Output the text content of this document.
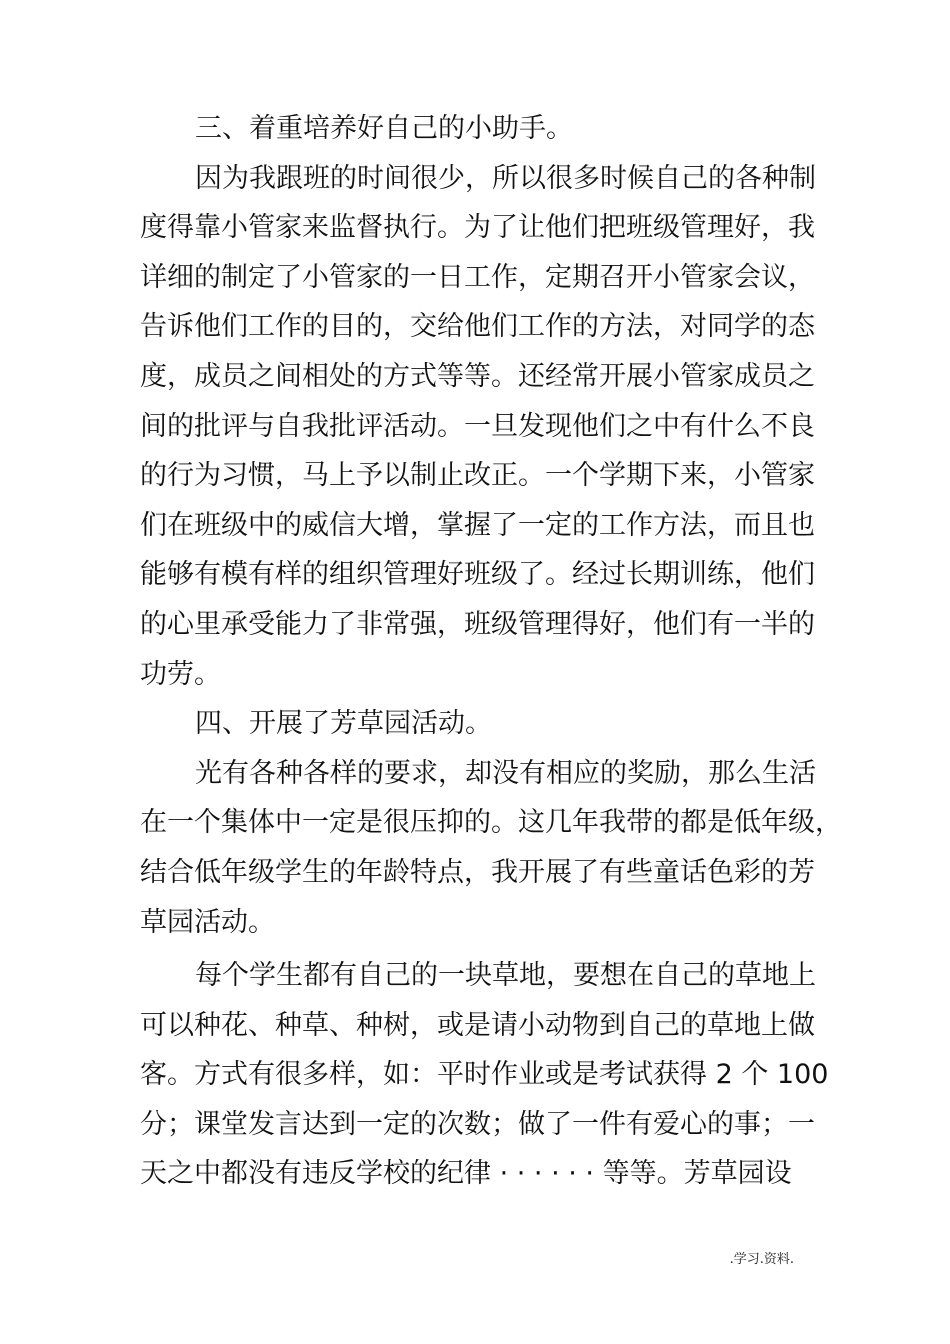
三、着重培养好自己的小助手。
因为我跟班的时间很少，所以很多时候自己的各种制
度得靠小管家来监督执行。为了让他们把班级管理好，我
详细的制定了小管家的一日工作，定期召开小管家会议，
告诉他们工作的目的，交给他们工作的方法，对同学的态
度，成员之间相处的方式等等。还经常开展小管家成员之
间的批评与自我批评活动。一旦发现他们之中有什么不良
的行为习惯，马上予以制止改正。一个学期下来，小管家
们在班级中的威信大增，掌握了一定的工作方法，而且也
能够有模有样的组织管理好班级了。经过长期训练，他们
的心里承受能力了非常强，班级管理得好，他们有一半的
功劳。
四、开展了芳草园活动。
光有各种各样的要求，却没有相应的奖励，那么生活
在一个集体中一定是很压抑的。这几年我带的都是低年级，
结合低年级学生的年龄特点，我开展了有些童话色彩的芳
草园活动。
每个学生都有自己的一块草地，要想在自己的草地上
可以种花、种草、种树，或是请小动物到自己的草地上做
客。方式有很多样，如：平时作业或是考试获得 2 个 100
分；课堂发言达到一定的次数；做了一件有爱心的事；一
天之中都没有违反学校的纪律 · · · · · · 等等。芳草园设
.学习.资料.
